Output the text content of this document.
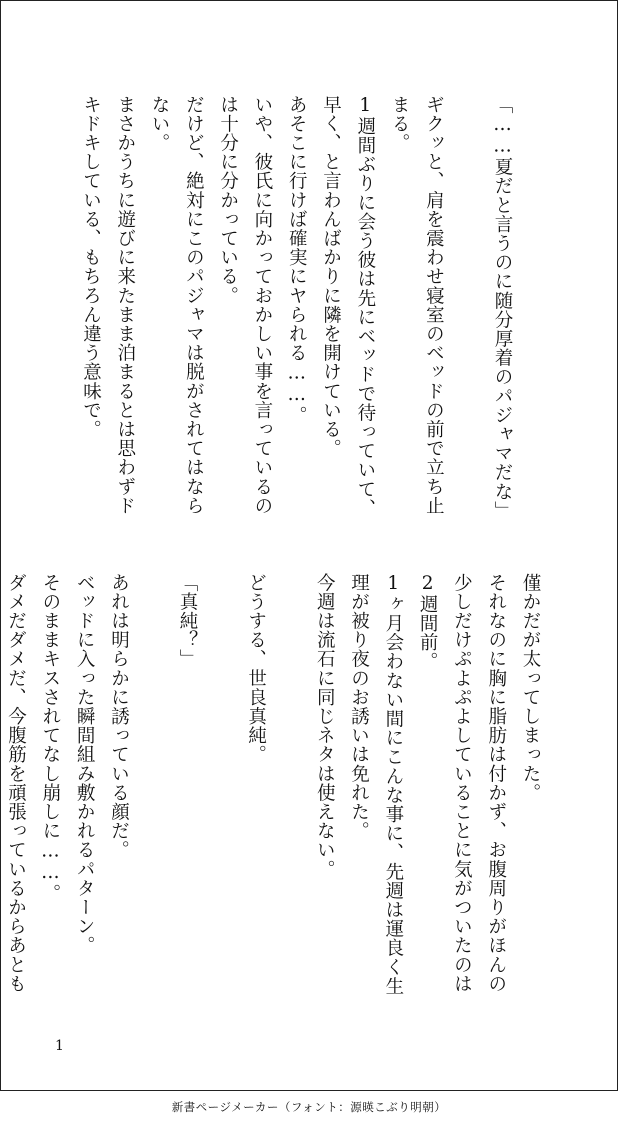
「……夏だと言うのに随分厚着のパジャマだな」

ギクッと、肩を震わせ寝室のベッドの前で立ち止
まる。
1週間ぶりに会う彼は先にベッドで待っていて、
早く、と言わんばかりに隣を開けている。
あそこに行けば確実にヤられる……。
いや、彼氏に向かっておかしい事を言っているの
は十分に分かっている。
だけど、絶対にこのパジャマは脱がされてはなら
ない。
まさかうちに遊びに来たまま泊まるとは思わずド
キドキしている、もちろん違う意味で。
僅かだが太ってしまった。
それなのに胸に脂肪は付かず、お腹周りがほんの
少しだけぷよぷよしていることに気がついたのは
2週間前。
1ヶ月会わない間にこんな事に、先週は運良く生
理が被り夜のお誘いは免れた。
今週は流石に同じネタは使えない。

どうする、世良真純。

「真純？」

あれは明らかに誘っている顔だ。
ベッドに入った瞬間組み敷かれるパターン。
そのままキスされてなし崩しに……。
ダメだダメだ、今腹筋を頑張っているからあとも
1
新書ページメーカー（フォント：源暎こぶり明朝）
